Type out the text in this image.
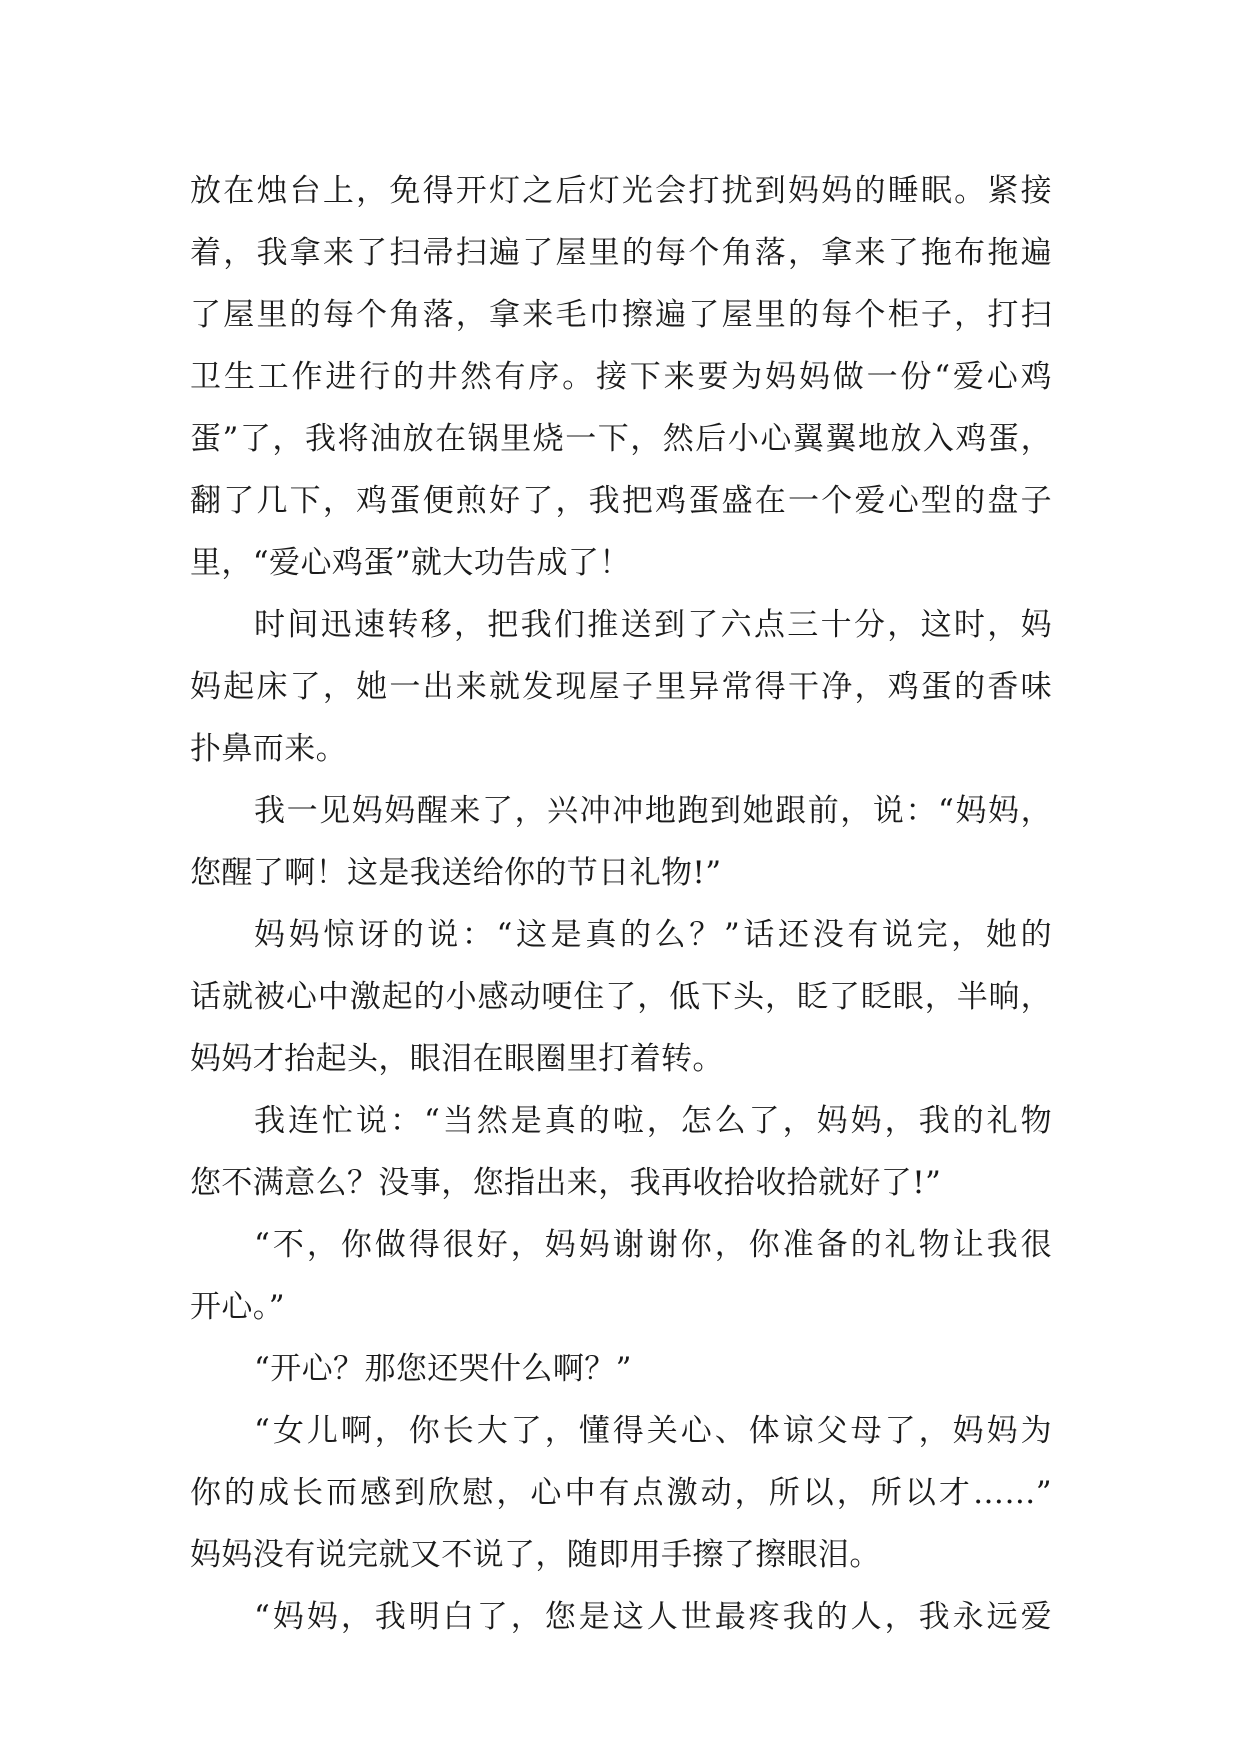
放在烛台上，免得开灯之后灯光会打扰到妈妈的睡眠。紧接
着，我拿来了扫帚扫遍了屋里的每个角落，拿来了拖布拖遍
了屋里的每个角落，拿来毛巾擦遍了屋里的每个柜子，打扫
卫生工作进行的井然有序。接下来要为妈妈做一份“爱心鸡
蛋”了，我将油放在锅里烧一下，然后小心翼翼地放入鸡蛋，
翻了几下，鸡蛋便煎好了，我把鸡蛋盛在一个爱心型的盘子
里，“爱心鸡蛋”就大功告成了！
时间迅速转移，把我们推送到了六点三十分，这时，妈
妈起床了，她一出来就发现屋子里异常得干净，鸡蛋的香味
扑鼻而来。
我一见妈妈醒来了，兴冲冲地跑到她跟前，说：“妈妈，
您醒了啊！这是我送给你的节日礼物!”
妈妈惊讶的说：“这是真的么？”话还没有说完，她的
话就被心中激起的小感动哽住了，低下头，眨了眨眼，半晌，
妈妈才抬起头，眼泪在眼圈里打着转。
我连忙说：“当然是真的啦，怎么了，妈妈，我的礼物
您不满意么？没事，您指出来，我再收拾收拾就好了!”
“不，你做得很好，妈妈谢谢你，你准备的礼物让我很
开心。”
“开心？那您还哭什么啊？”
“女儿啊，你长大了，懂得关心、体谅父母了，妈妈为
你的成长而感到欣慰，心中有点激动，所以，所以才……”
妈妈没有说完就又不说了，随即用手擦了擦眼泪。
“妈妈，我明白了，您是这人世最疼我的人，我永远爱
